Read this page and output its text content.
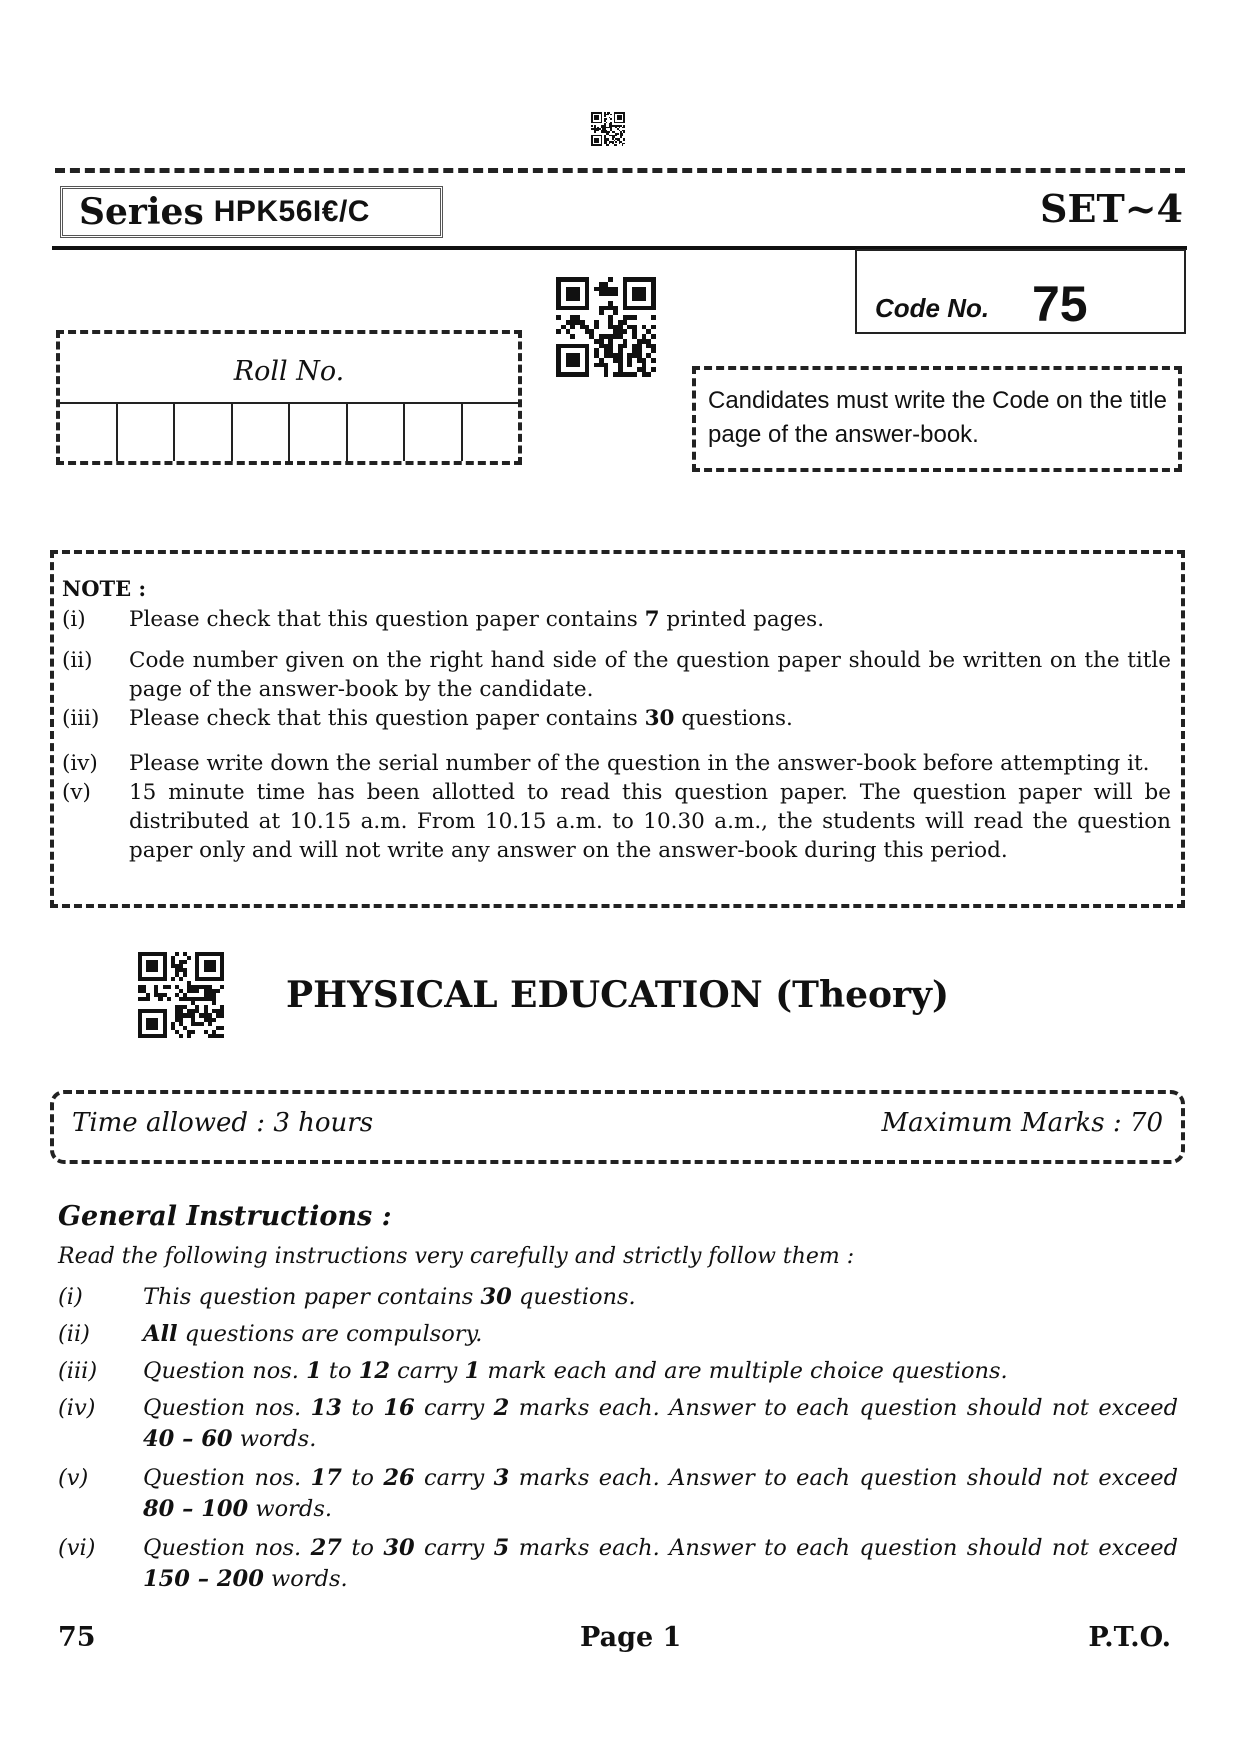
Series HPK56I€/C	SET~4
Code No. 75
Roll No.
Candidates must write the Code on the title page of the answer-book.
NOTE :
(i)	Please check that this question paper contains 7 printed pages.
(ii)	Code number given on the right hand side of the question paper should be written on the title page of the answer-book by the candidate.
(iii)	Please check that this question paper contains 30 questions.
(iv)	Please write down the serial number of the question in the answer-book before attempting it.
(v)	15 minute time has been allotted to read this question paper. The question paper will be distributed at 10.15 a.m. From 10.15 a.m. to 10.30 a.m., the students will read the question paper only and will not write any answer on the answer-book during this period.
PHYSICAL EDUCATION (Theory)
Time allowed : 3 hours	Maximum Marks : 70
General Instructions :
Read the following instructions very carefully and strictly follow them :
(i)	This question paper contains 30 questions.
(ii)	All questions are compulsory.
(iii)	Question nos. 1 to 12 carry 1 mark each and are multiple choice questions.
(iv)	Question nos. 13 to 16 carry 2 marks each. Answer to each question should not exceed 40 – 60 words.
(v)	Question nos. 17 to 26 carry 3 marks each. Answer to each question should not exceed 80 – 100 words.
(vi)	Question nos. 27 to 30 carry 5 marks each. Answer to each question should not exceed 150 – 200 words.
75	Page 1	P.T.O.
